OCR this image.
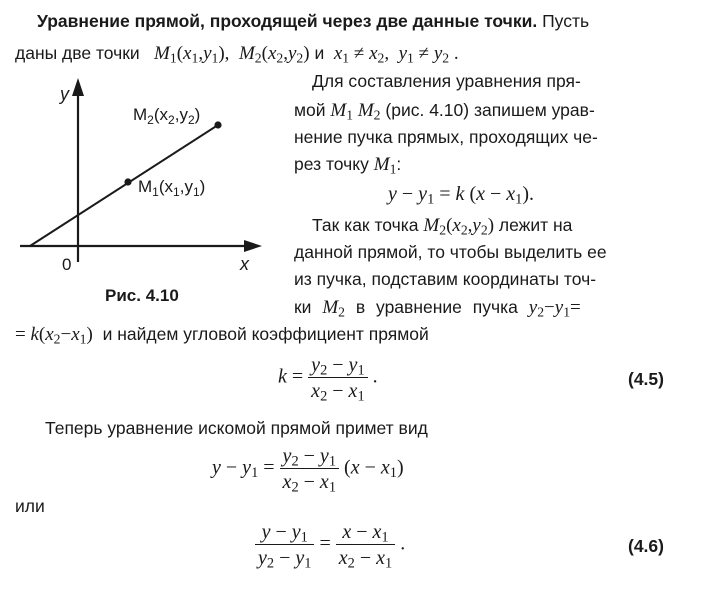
Уравнение прямой, проходящей через две данные точки. Пусть
даны две точки $M_1(x_1,y_1)$,  $M_2(x_2,y_2)$ и $x_1 \ne x_2$,  $y_1 \ne y_2$ .
y
x
0
$M_1(x_1,y_1)$
$M_2(x_2,y_2)$
Рис. 4.10
Для составления уравнения пря-
мой $M_1$ $M_2$ (рис. 4.10) запишем урав-
нение пучка прямых, проходящих че-
рез точку $M_1$:
$y - y_1 = k$ $(x - x_1)$.
Так как точка $M_2(x_2,y_2)$ лежит на
данной прямой, то чтобы выделить ее
из пучка, подставим координаты точ-
ки $M_2$ в уравнение пучка $y_2-y_1=$
= $k(x_2-x_1)$ и найдем угловой коэффициент прямой
$k = \frac{y_2 - y_1}{x_2 - x_1}$ .	(4.5)
Теперь уравнение искомой прямой примет вид
$y - y_1 = \frac{y_2 - y_1}{x_2 - x_1} (x - x_1)$
или
$\frac{y - y_1}{y_2 - y_1} = \frac{x - x_1}{x_2 - x_1}$ .	(4.6)
